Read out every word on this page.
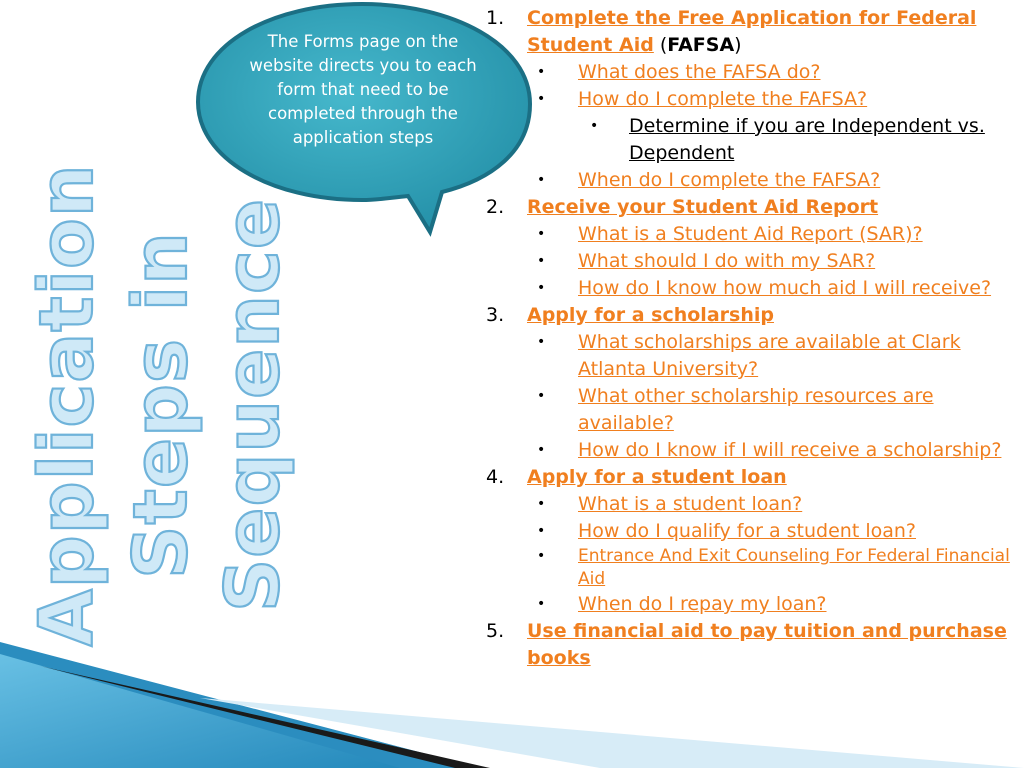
Application Steps in Sequence
The Forms page on the website directs you to each form that need to be completed through the application steps
1.	Complete the Free Application for Federal Student Aid (FAFSA)
• What does the FAFSA do?
• How do I complete the FAFSA?
• Determine if you are Independent vs. Dependent
• When do I complete the FAFSA?
2.	Receive your Student Aid Report
• What is a Student Aid Report (SAR)?
• What should I do with my SAR?
• How do I know how much aid I will receive?
3.	Apply for a scholarship
• What scholarships are available at Clark Atlanta University?
• What other scholarship resources are available?
• How do I know if I will receive a scholarship?
4.	Apply for a student loan
• What is a student loan?
• How do I qualify for a student loan?
• Entrance And Exit Counseling For Federal Financial Aid
• When do I repay my loan?
5.	Use financial aid to pay tuition and purchase books
